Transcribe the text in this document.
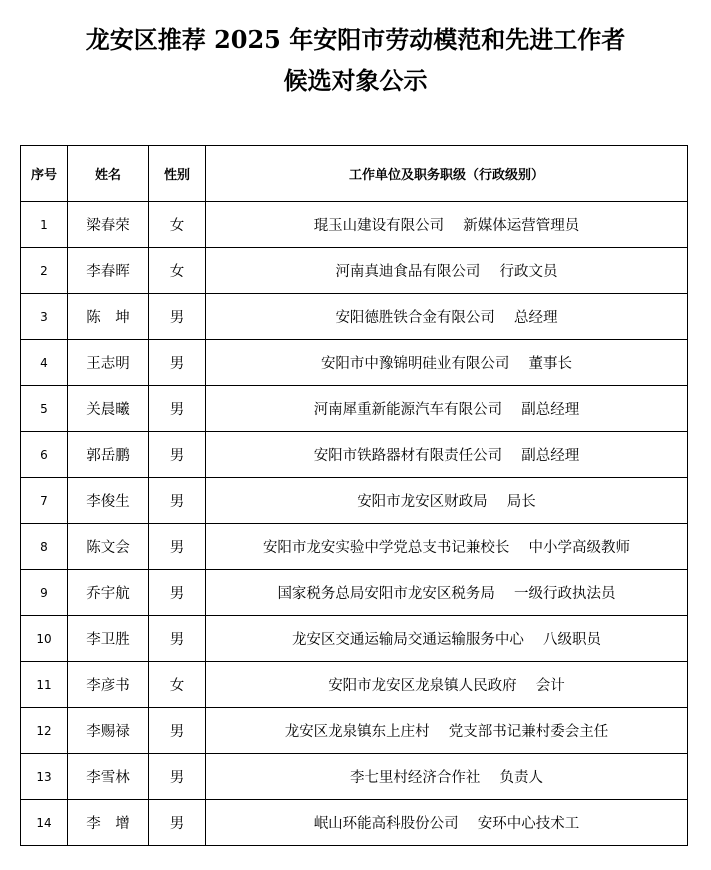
龙安区推荐 2025 年安阳市劳动模范和先进工作者
候选对象公示
序号	姓名	性别	工作单位及职务职级（行政级别）
1	梁春荣	女	琨玉山建设有限公司　 新媒体运营管理员
2	李春晖	女	河南真迪食品有限公司　 行政文员
3	陈　坤	男	安阳德胜铁合金有限公司　 总经理
4	王志明	男	安阳市中豫锦明硅业有限公司　 董事长
5	关晨曦	男	河南犀重新能源汽车有限公司　 副总经理
6	郭岳鹏	男	安阳市铁路器材有限责任公司　 副总经理
7	李俊生	男	安阳市龙安区财政局　 局长
8	陈文会	男	安阳市龙安实验中学党总支书记兼校长　 中小学高级教师
9	乔宇航	男	国家税务总局安阳市龙安区税务局　 一级行政执法员
10	李卫胜	男	龙安区交通运输局交通运输服务中心　 八级职员
11	李彦书	女	安阳市龙安区龙泉镇人民政府　 会计
12	李赐禄	男	龙安区龙泉镇东上庄村　 党支部书记兼村委会主任
13	李雪林	男	李七里村经济合作社　 负责人
14	李　增	男	岷山环能高科股份公司　 安环中心技术工
